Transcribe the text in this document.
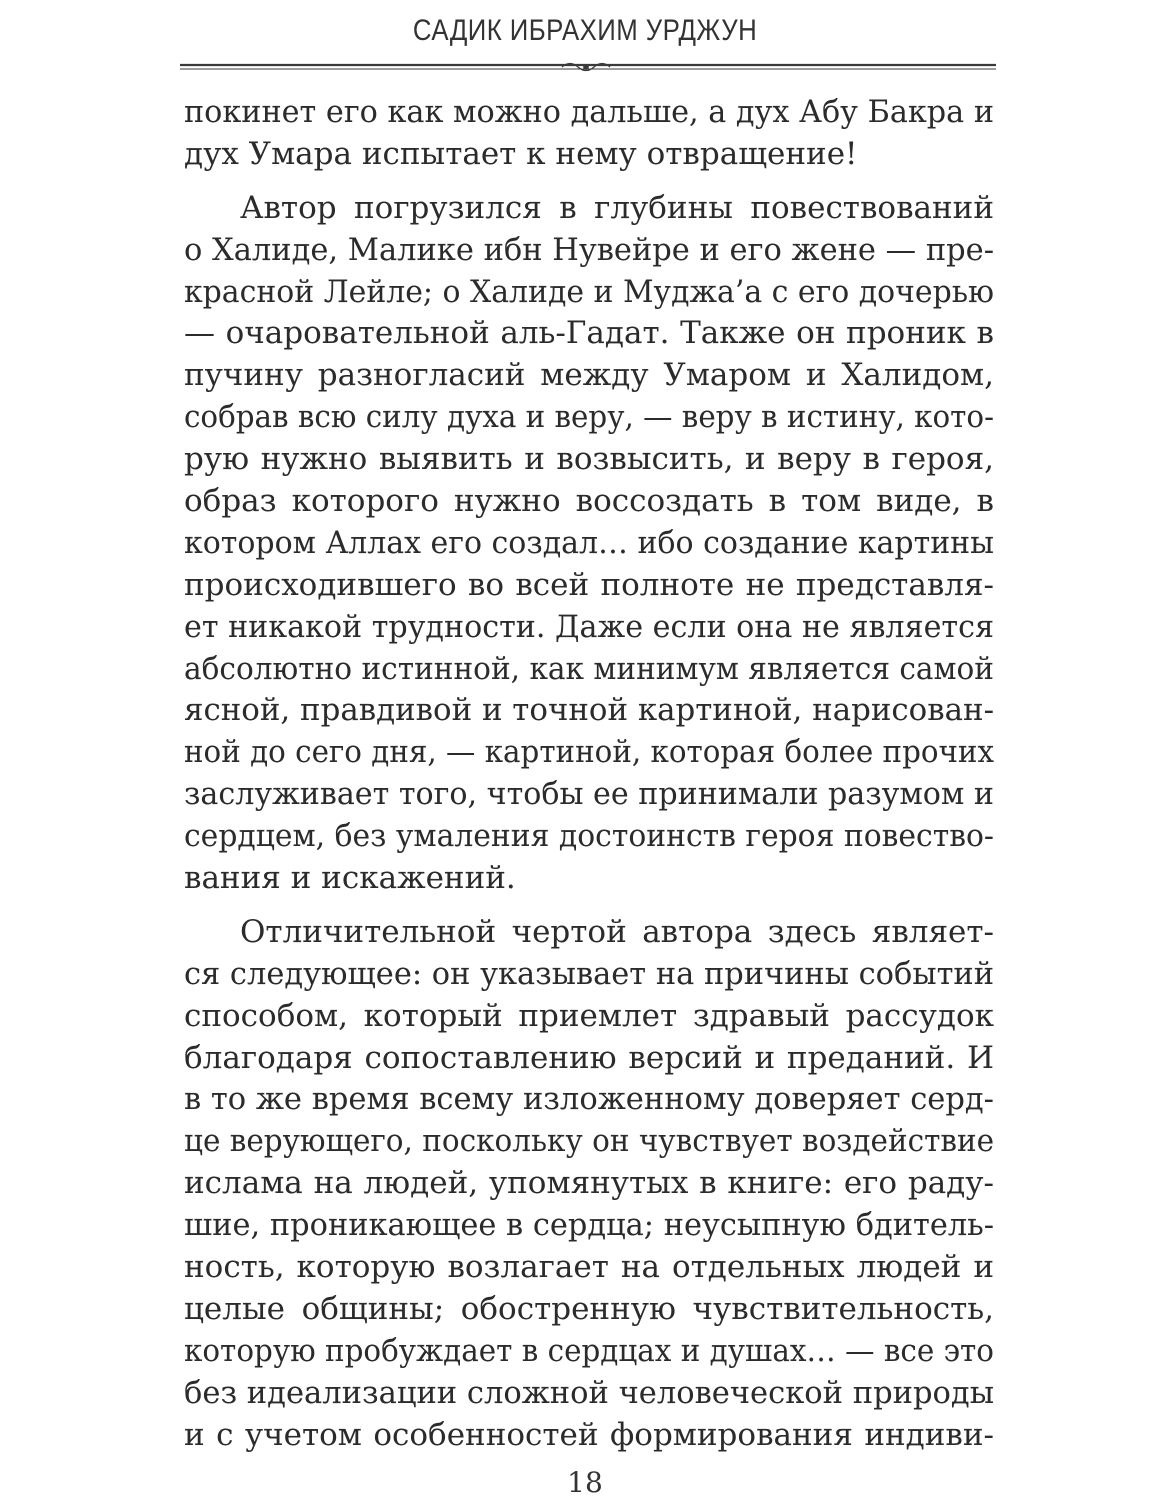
САДИК ИБРАХИМ УРДЖУН
покинет его как можно дальше, а дух Абу Бакра и
дух Умара испытает к нему отвращение!
Автор погрузился в глубины повествований
о Халиде, Малике ибн Нувейре и его жене — пре-
красной Лейле; о Халиде и Муджа’а с его дочерью
— очаровательной аль-Гадат. Также он проник в
пучину разногласий между Умаром и Халидом,
собрав всю силу духа и веру, — веру в истину, кото-
рую нужно выявить и возвысить, и веру в героя,
образ которого нужно воссоздать в том виде, в
котором Аллах его создал… ибо создание картины
происходившего во всей полноте не представля-
ет никакой трудности. Даже если она не является
абсолютно истинной, как минимум является самой
ясной, правдивой и точной картиной, нарисован-
ной до сего дня, — картиной, которая более прочих
заслуживает того, чтобы ее принимали разумом и
сердцем, без умаления достоинств героя повество-
вания и искажений.
Отличительной чертой автора здесь являет-
ся следующее: он указывает на причины событий
способом, который приемлет здравый рассудок
благодаря сопоставлению версий и преданий. И
в то же время всему изложенному доверяет серд-
це верующего, поскольку он чувствует воздействие
ислама на людей, упомянутых в книге: его раду-
шие, проникающее в сердца; неусыпную бдитель-
ность, которую возлагает на отдельных людей и
целые общины; обостренную чувствительность,
которую пробуждает в сердцах и душах… — все это
без идеализации сложной человеческой природы
и с учетом особенностей формирования индиви-
18
